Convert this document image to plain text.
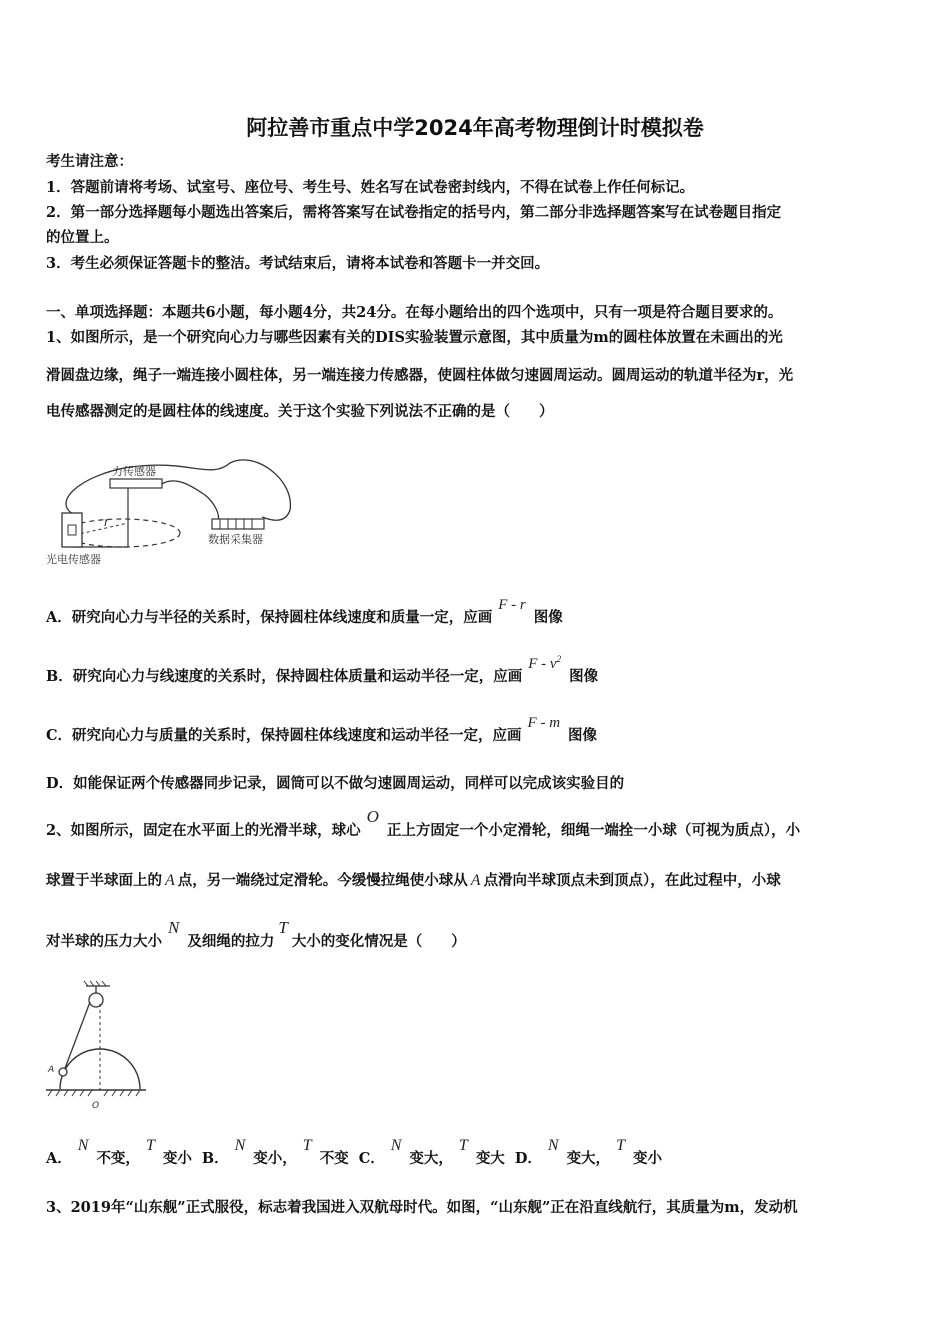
阿拉善市重点中学2024年高考物理倒计时模拟卷
考生请注意：
1．答题前请将考场、试室号、座位号、考生号、姓名写在试卷密封线内，不得在试卷上作任何标记。
2．第一部分选择题每小题选出答案后，需将答案写在试卷指定的括号内，第二部分非选择题答案写在试卷题目指定
的位置上。
3．考生必须保证答题卡的整洁。考试结束后，请将本试卷和答题卡一并交回。
一、单项选择题：本题共6小题，每小题4分，共24分。在每小题给出的四个选项中，只有一项是符合题目要求的。
1、如图所示，是一个研究向心力与哪些因素有关的DIS实验装置示意图，其中质量为m的圆柱体放置在未画出的光
滑圆盘边缘，绳子一端连接小圆柱体，另一端连接力传感器，使圆柱体做匀速圆周运动。圆周运动的轨道半径为r，光
电传感器测定的是圆柱体的线速度。关于这个实验下列说法不正确的是（　　）
力传感器
r
光电传感器
数据采集器
A．研究向心力与半径的关系时，保持圆柱体线速度和质量一定，应画F - r图像
B．研究向心力与线速度的关系时，保持圆柱体质量和运动半径一定，应画F - $v^2$图像
C．研究向心力与质量的关系时，保持圆柱体线速度和运动半径一定，应画F - m图像
D．如能保证两个传感器同步记录，圆筒可以不做匀速圆周运动，同样可以完成该实验目的
2、如图所示，固定在水平面上的光滑半球，球心O正上方固定一个小定滑轮，细绳一端拴一小球（可视为质点），小
球置于半球面上的 A 点，另一端绕过定滑轮。今缓慢拉绳使小球从 A 点滑向半球顶点未到顶点），在此过程中，小球
对半球的压力大小N及细绳的拉力T大小的变化情况是（　　）
A
O
A．N不变，T变小 B．N变小，T不变 C．N变大，T变大 D．N变大，T变小
3、2019年“山东舰”正式服役，标志着我国进入双航母时代。如图，“山东舰”正在沿直线航行，其质量为m，发动机
